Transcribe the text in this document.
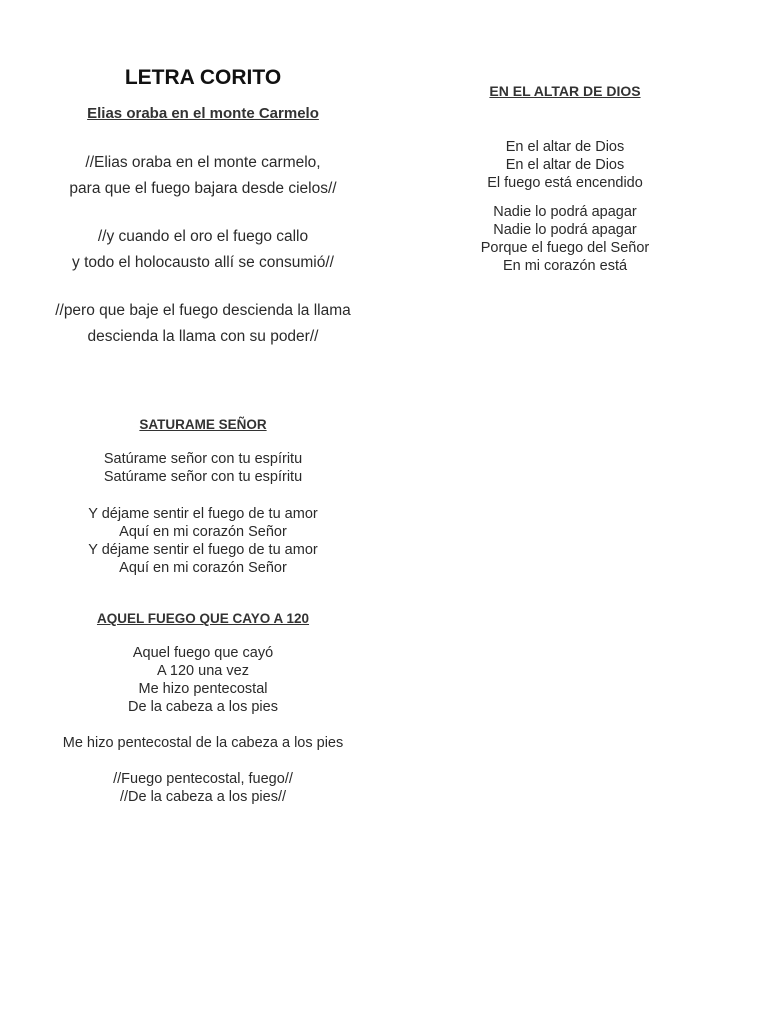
LETRA CORITO
Elias oraba en el monte Carmelo
//Elias oraba en el monte carmelo,
para que el fuego bajara desde cielos//
//y cuando el oro el fuego callo
y todo el holocausto allí se consumió//
//pero que baje el fuego descienda la llama
descienda la llama con su poder//
SATURAME SEÑOR
Satúrame señor con tu espíritu
Satúrame señor con tu espíritu
Y déjame sentir el fuego de tu amor
Aquí en mi corazón Señor
Y déjame sentir el fuego de tu amor
Aquí en mi corazón Señor
AQUEL FUEGO QUE CAYO A 120
Aquel fuego que cayó
A 120 una vez
Me hizo pentecostal
De la cabeza a los pies
Me hizo pentecostal de la cabeza a los pies
//Fuego pentecostal, fuego//
//De la cabeza a los pies//
EN EL ALTAR DE DIOS
En el altar de Dios
En el altar de Dios
El fuego está encendido
Nadie lo podrá apagar
Nadie lo podrá apagar
Porque el fuego del Señor
En mi corazón está
